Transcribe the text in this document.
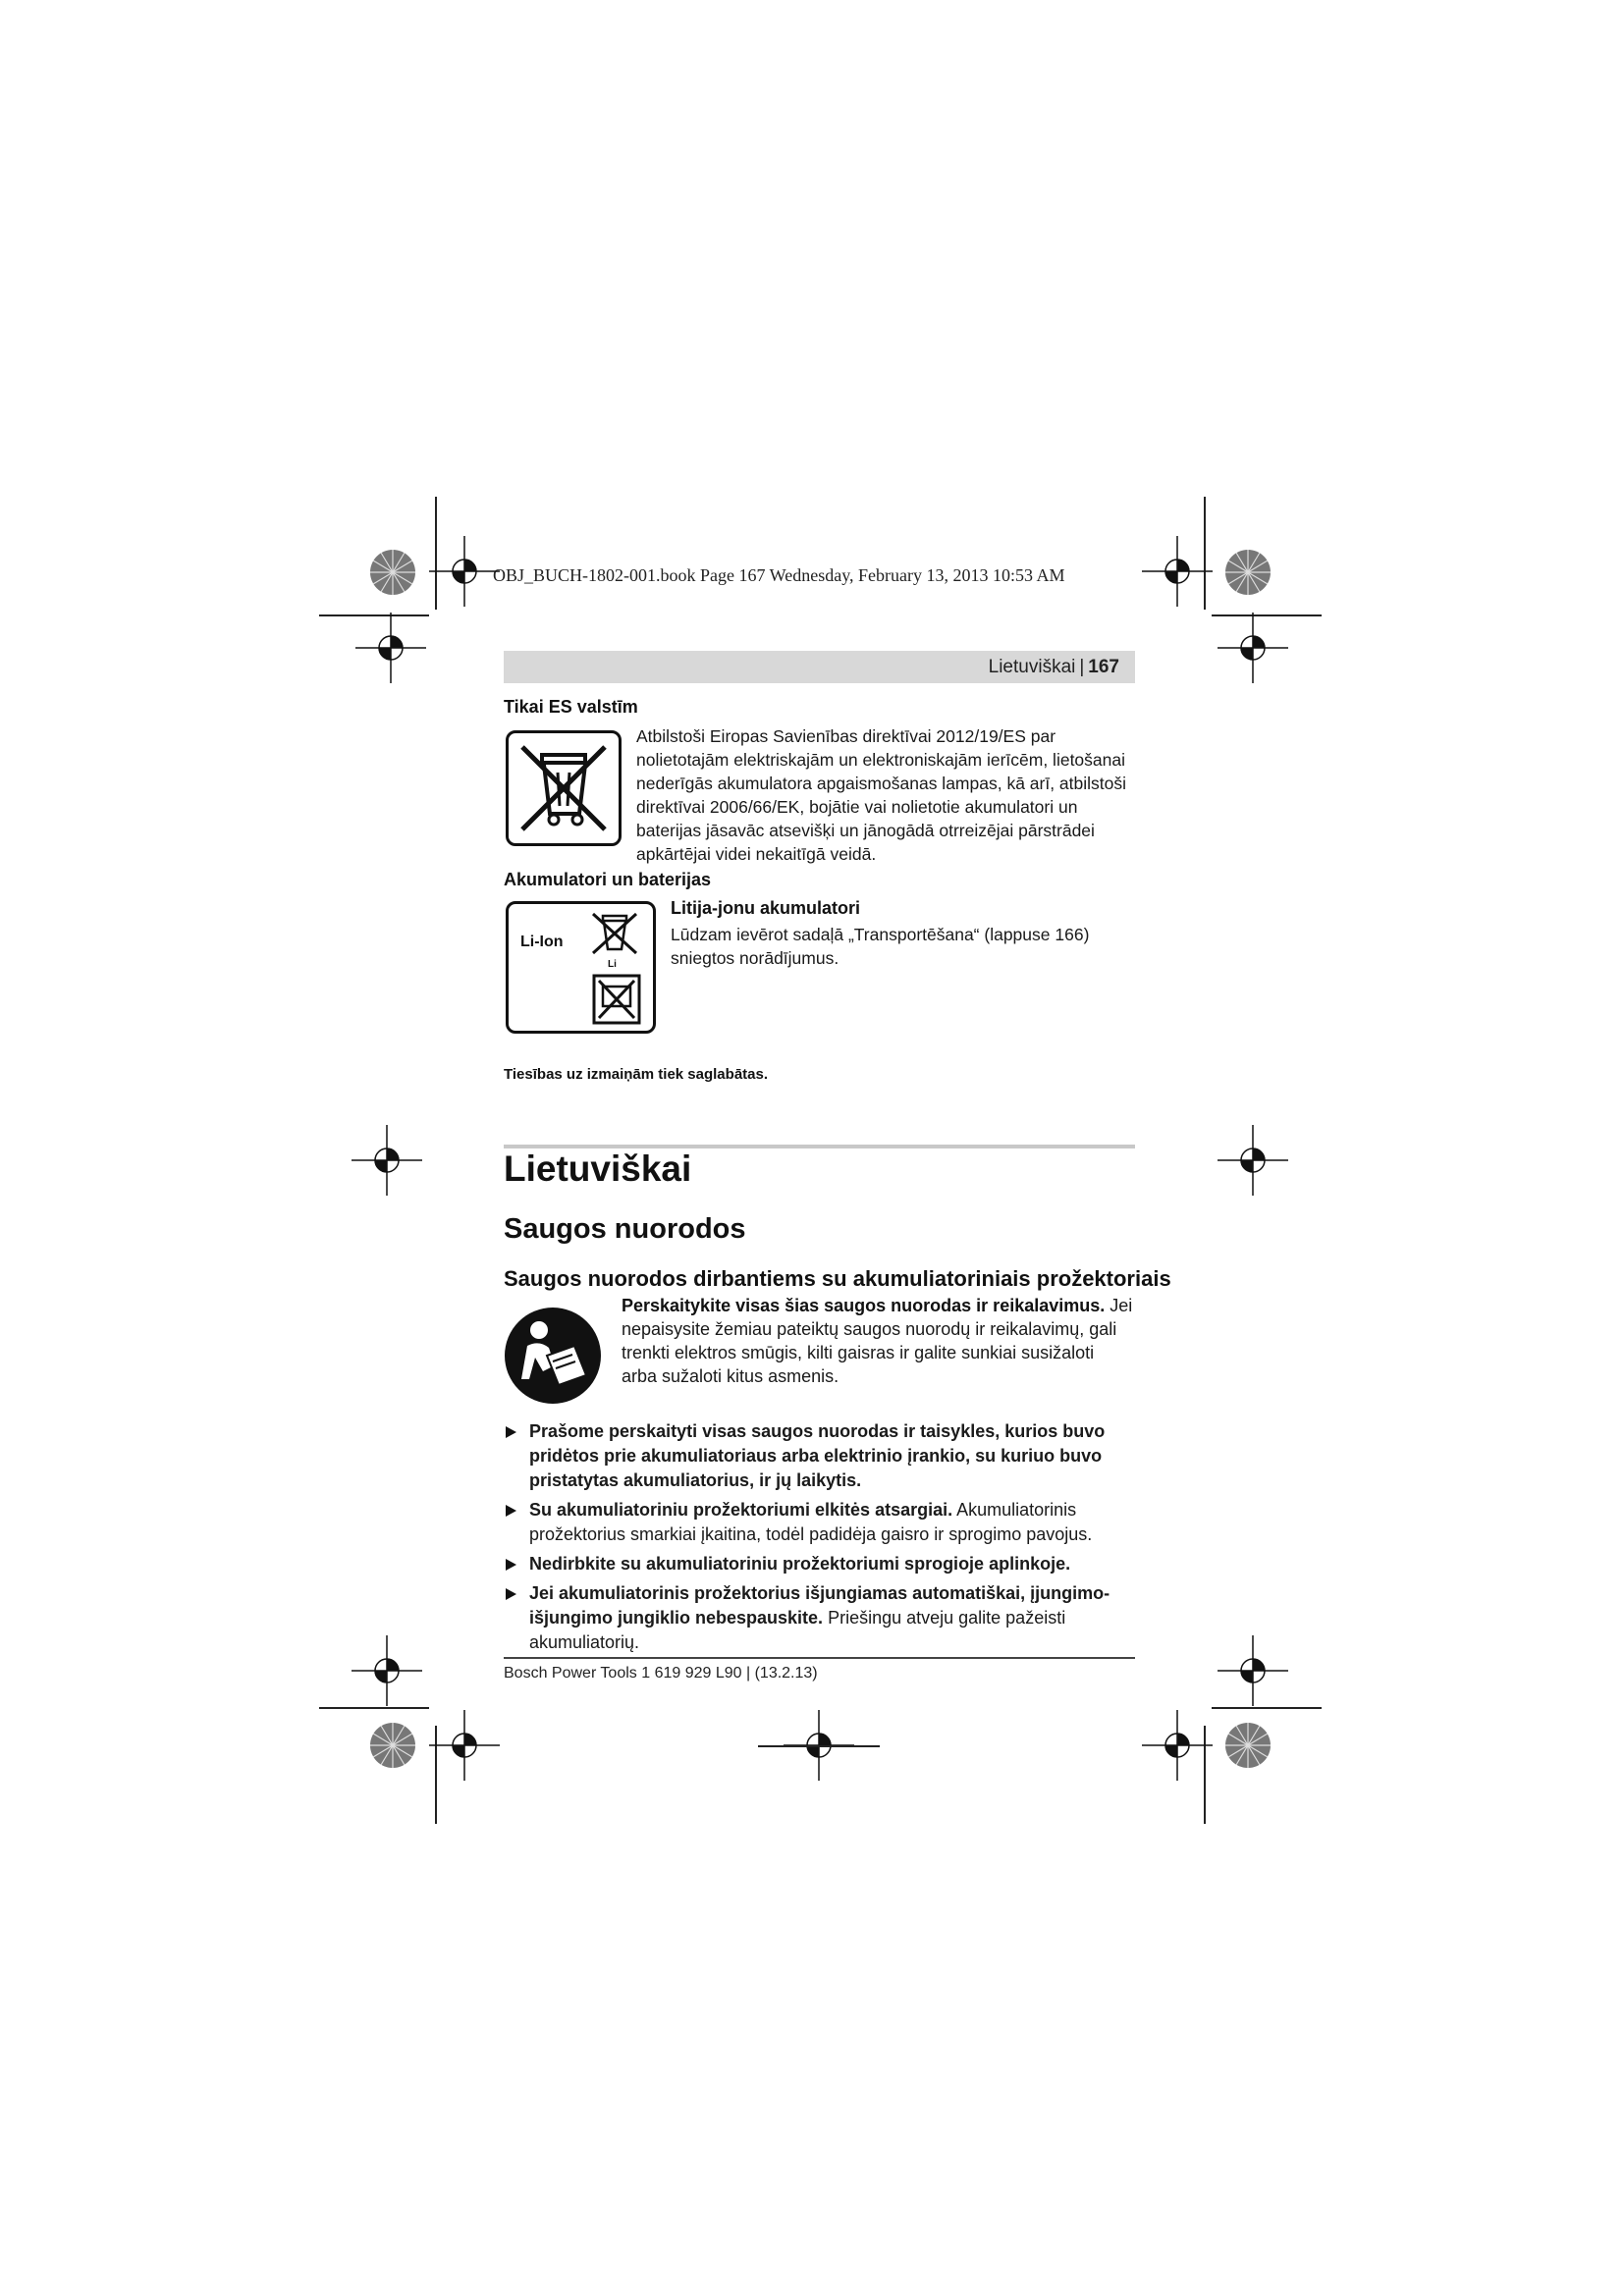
OBJ_BUCH-1802-001.book Page 167 Wednesday, February 13, 2013 10:53 AM
Lietuviškai | 167
Tikai ES valstīm
Atbilstoši Eiropas Savienības direktīvai 2012/19/ES par nolietotajām elektriskajām un elektroniskajām ierīcēm, lietošanai nederīgās akumulatora apgaismošanas lampas, kā arī, atbilstoši direktīvai 2006/66/EK, bojātie vai nolietotie akumulatori un baterijas jāsavāc atsevišķi un jānogādā otrreizējai pārstrādei apkārtējai videi nekaitīgā veidā.
Akumulatori un baterijas
Li-Ion
Li
Litija-jonu akumulatori
Lūdzam ievērot sadaļā „Transportēšana“ (lappuse 166) sniegtos norādījumus.
Tiesības uz izmaiņām tiek saglabātas.
Lietuviškai
Saugos nuorodos
Saugos nuorodos dirbantiems su akumuliatoriniais prožektoriais
Perskaitykite visas šias saugos nuorodas ir reikalavimus. Jei nepaisysite žemiau pateiktų saugos nuorodų ir reikalavimų, gali trenkti elektros smūgis, kilti gaisras ir galite sunkiai susižaloti arba sužaloti kitus asmenis.
Prašome perskaityti visas saugos nuorodas ir taisykles, kurios buvo pridėtos prie akumuliatoriaus arba elektrinio įrankio, su kuriuo buvo pristatytas akumuliatorius, ir jų laikytis.
Su akumuliatoriniu prožektoriumi elkitės atsargiai. Akumuliatorinis prožektorius smarkiai įkaitina, todėl padidėja gaisro ir sprogimo pavojus.
Nedirbkite su akumuliatoriniu prožektoriumi sprogioje aplinkoje.
Jei akumuliatorinis prožektorius išjungiamas automatiškai, įjungimo-išjungimo jungiklio nebespauskite. Priešingu atveju galite pažeisti akumuliatorių.
Bosch Power Tools 1 619 929 L90 | (13.2.13)
